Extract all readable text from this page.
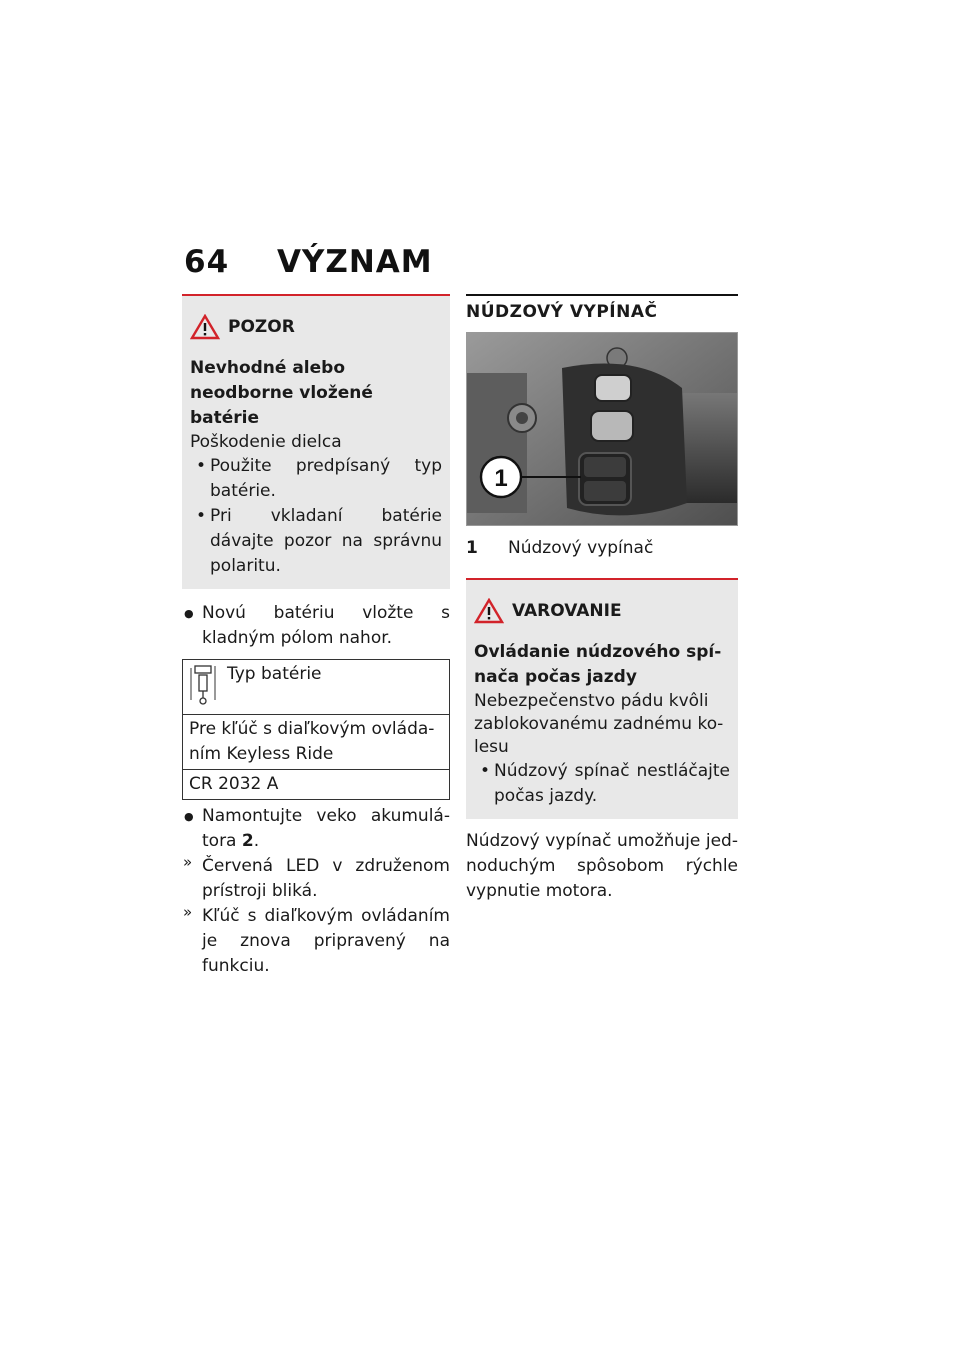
64 VÝZNAM
POZOR
Nevhodné alebo neodborne vložené batérie
Poškodenie dielca
• Použite predpísaný typ batérie.
• Pri vkladaní batérie dávajte pozor na správnu polaritu.
● Novú batériu vložte s kladným pólom nahor.
Typ batérie

Pre kľúč s diaľkovým ovládaním Keyless Ride
CR 2032 A
● Namontujte veko akumulátora 2.
» Červená LED v združenom prístroji bliká.
» Kľúč s diaľkovým ovládaním je znova pripravený na funkciu.
NÚDZOVÝ VYPÍNAČ
1
1	Núdzový vypínač
VAROVANIE
Ovládanie núdzového spínača počas jazdy
Nebezpečenstvo pádu kvôli zablokovanému zadnému kolesu
• Núdzový spínač nestláčajte počas jazdy.

Núdzový vypínač umožňuje jednoduchým spôsobom rýchle vypnutie motora.
